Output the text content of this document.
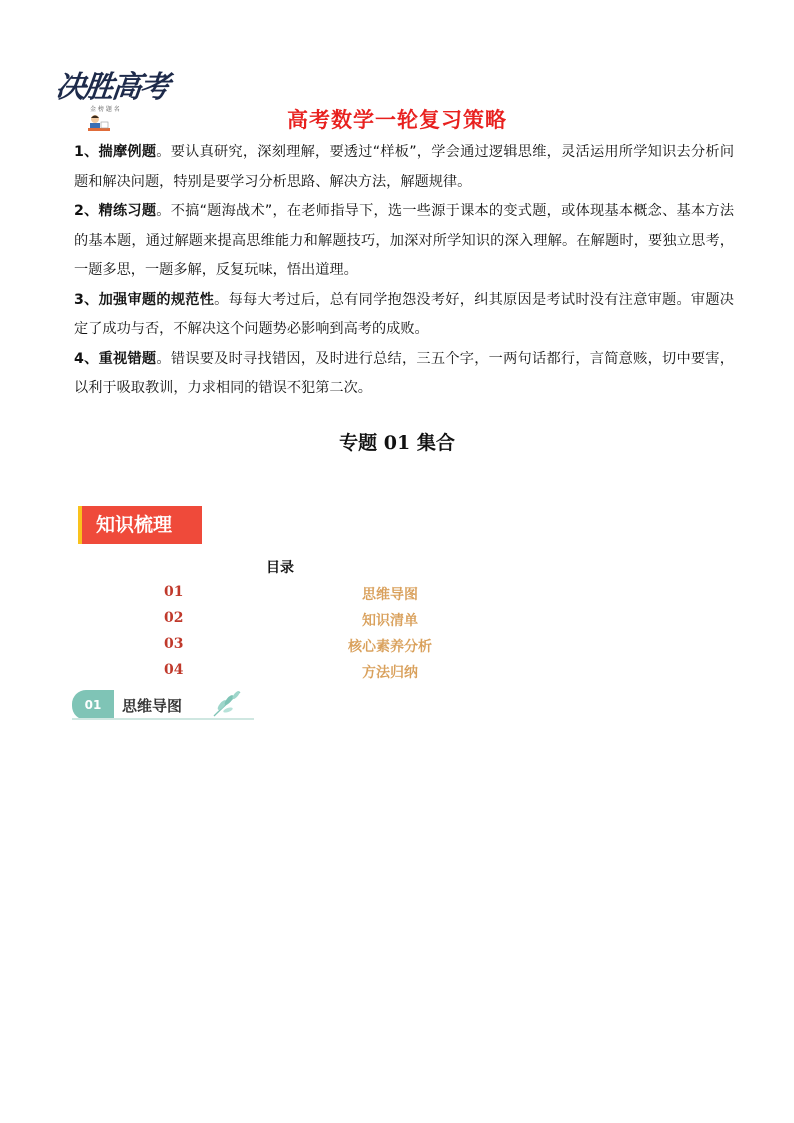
决胜高考
金 榜 题 名	高考数学一轮复习策略

1、揣摩例题。要认真研究，深刻理解，要透过“样板”，学会通过逻辑思维，灵活运用所学知识去分析问题和解决问题，特别是要学习分析思路、解决方法，解题规律。

2、精练习题。不搞“题海战术”，在老师指导下，选一些源于课本的变式题，或体现基本概念、基本方法的基本题，通过解题来提高思维能力和解题技巧，加深对所学知识的深入理解。在解题时，要独立思考，一题多思，一题多解，反复玩味，悟出道理。

3、加强审题的规范性。每每大考过后，总有同学抱怨没考好，纠其原因是考试时没有注意审题。审题决定了成功与否，不解决这个问题势必影响到高考的成败。

4、重视错题。错误要及时寻找错因，及时进行总结，三五个字，一两句话都行，言简意赅，切中要害，以利于吸取教训，力求相同的错误不犯第二次。

专题 01 集合
知识梳理
目录
01	思维导图
02	知识清单
03	核心素养分析
04	方法归纳
01	思维导图
